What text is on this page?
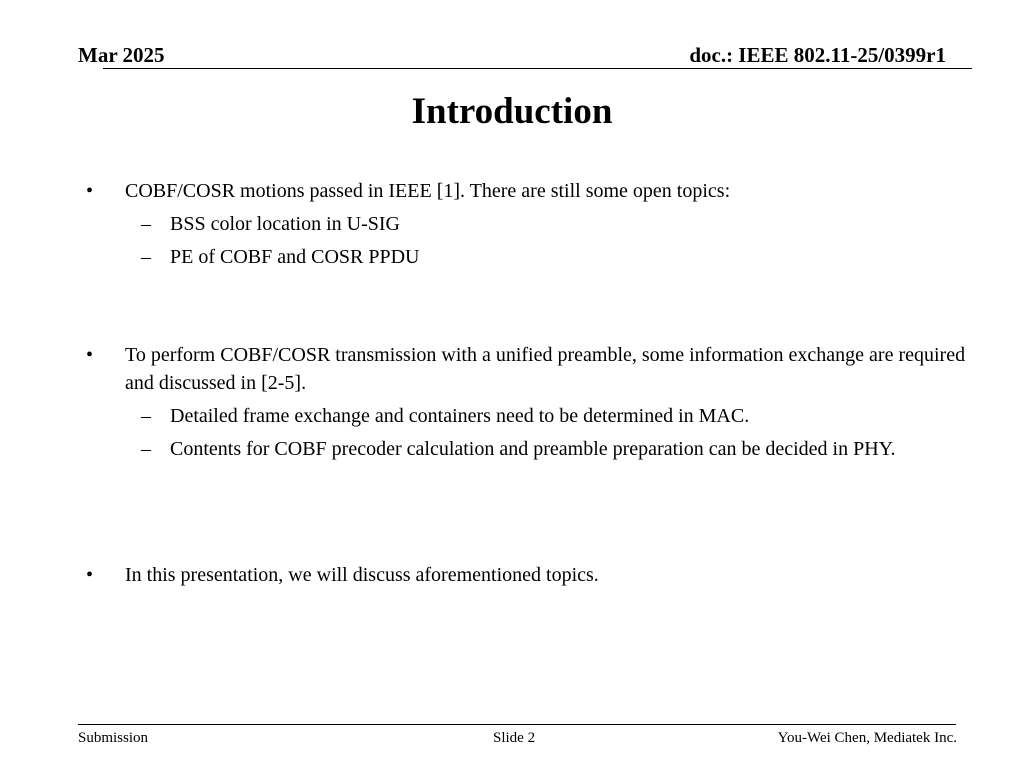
Mar 2025	doc.: IEEE 802.11-25/0399r1
Introduction
•	COBF/COSR motions passed in IEEE [1]. There are still some open topics:
– BSS color location in U-SIG
– PE of COBF and COSR PPDU
•	To perform COBF/COSR transmission with a unified preamble, some information exchange are required and discussed in [2-5].
– Detailed frame exchange and containers need to be determined in MAC.
– Contents for COBF precoder calculation and preamble preparation can be decided in PHY.
•	In this presentation, we will discuss aforementioned topics.
Submission	Slide 2	You-Wei Chen, Mediatek Inc.
